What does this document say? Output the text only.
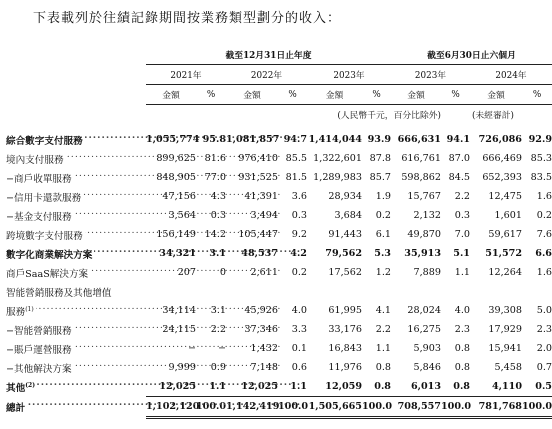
下表載列於往績記錄期間按業務類型劃分的收入：
	截至12月31日止年度						截至6月30日止六個月			
	2021年		2022年		2023年		2023年		2024年	
	金額	%	金額	%	金額	%	金額	%	金額	%
				(人民幣千元，百分比除外)				(未經審計)		

綜合數字支付服務 .....	1,055,774	95.8	1,081,857	94.7	1,414,044	93.9	666,631	94.1	726,086	92.9
境內支付服務 .....	899,625	81.6	976,410	85.5	1,322,601	87.8	616,761	87.0	666,469	85.3
−商戶收單服務 .....	848,905	77.0	931,525	81.5	1,289,983	85.7	598,862	84.5	652,393	83.5
−信用卡還款服務 .....	47,156	4.3	41,391	3.6	28,934	1.9	15,767	2.2	12,475	1.6
−基金支付服務 .....	3,564	0.3	3,494	0.3	3,684	0.2	2,132	0.3	1,601	0.2
跨境數字支付服務 .....	156,149	14.2	105,447	9.2	91,443	6.1	49,870	7.0	59,617	7.6
數字化商業解決方案 .....	34,321	3.1	48,537	4.2	79,562	5.3	35,913	5.1	51,572	6.6
商戶SaaS解決方案 .....	207	0	2,611	0.2	17,562	1.2	7,889	1.1	12,264	1.6
智能營銷服務及其他增值										
服務$^{(1)}$ .....	34,114	3.1	45,926	4.0	61,995	4.1	28,024	4.0	39,308	5.0
−智能營銷服務 .....	24,115	2.2	37,346	3.3	33,176	2.2	16,275	2.3	17,929	2.3
−賬戶運營服務 .....	−	−	1,432	0.1	16,843	1.1	5,903	0.8	15,941	2.0
−其他解決方案 .....	9,999	0.9	7,148	0.6	11,976	0.8	5,846	0.8	5,458	0.7
其他$^{(2)}$ .....	12,025	1.1	12,025	1.1	12,059	0.8	6,013	0.8	4,110	0.5
總計 .....	1,102,120	100.0	1,142,419	100.0	1,505,665	100.0	708,557	100.0	781,768	100.0
